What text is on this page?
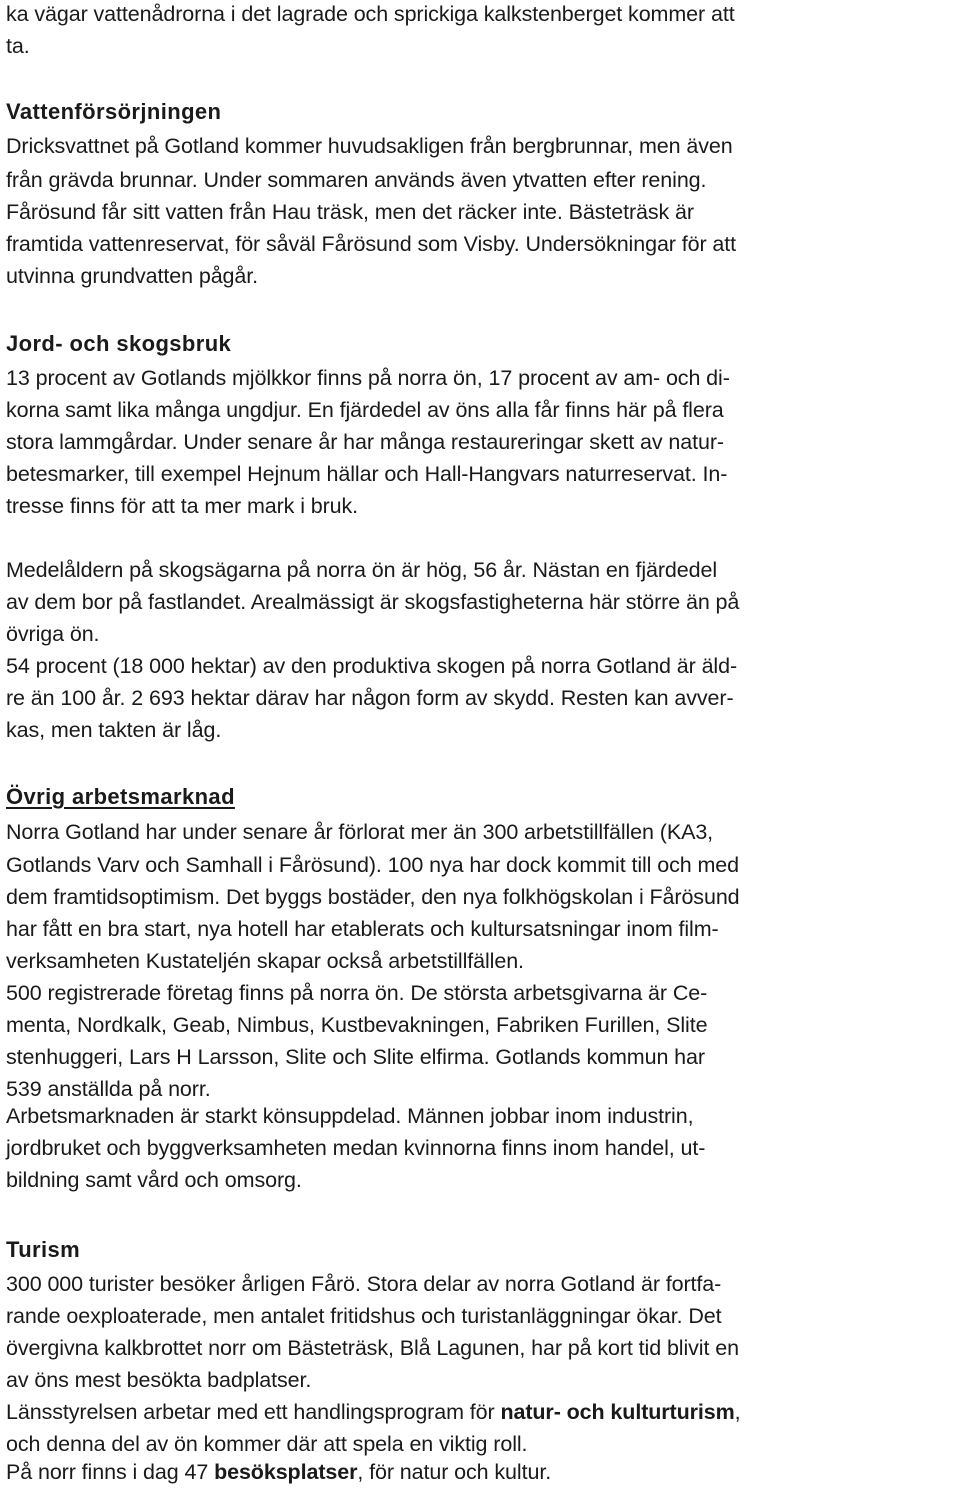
ka vägar vattenådrorna i det lagrade och sprickiga kalkstenberget kommer att
ta.
Vattenförsörjningen
Dricksvattnet på Gotland kommer huvudsakligen från bergbrunnar, men även
från grävda brunnar. Under sommaren används även ytvatten efter rening.
Fårösund får sitt vatten från Hau träsk, men det räcker inte. Bästeträsk är
framtida vattenreservat, för såväl Fårösund som Visby. Undersökningar för att
utvinna grundvatten pågår.
Jord- och skogsbruk
13 procent av Gotlands mjölkkor finns på norra ön, 17 procent av am- och di-
korna samt lika många ungdjur. En fjärdedel av öns alla får finns här på flera
stora lammgårdar. Under senare år har många restaureringar skett av natur-
betesmarker, till exempel Hejnum hällar och Hall-Hangvars naturreservat. In-
tresse finns för att ta mer mark i bruk.
Medelåldern på skogsägarna på norra ön är hög, 56 år. Nästan en fjärdedel
av dem bor på fastlandet. Arealmässigt är skogsfastigheterna här större än på
övriga ön.
54 procent (18 000 hektar) av den produktiva skogen på norra Gotland är äld-
re än 100 år. 2 693 hektar därav har någon form av skydd. Resten kan avver-
kas, men takten är låg.
Övrig arbetsmarknad
Norra Gotland har under senare år förlorat mer än 300 arbetstillfällen (KA3,
Gotlands Varv och Samhall i Fårösund). 100 nya har dock kommit till och med
dem framtidsoptimism. Det byggs bostäder, den nya folkhögskolan i Fårösund
har fått en bra start, nya hotell har etablerats och kultursatsningar inom film-
verksamheten Kustateljén skapar också arbetstillfällen.
500 registrerade företag finns på norra ön. De största arbetsgivarna är Ce-
menta, Nordkalk, Geab, Nimbus, Kustbevakningen, Fabriken Furillen, Slite
stenhuggeri, Lars H Larsson, Slite och Slite elfirma. Gotlands kommun har
539 anställda på norr.
Arbetsmarknaden är starkt könsuppdelad. Männen jobbar inom industrin,
jordbruket och byggverksamheten medan kvinnorna finns inom handel, ut-
bildning samt vård och omsorg.
Turism
300 000 turister besöker årligen Fårö. Stora delar av norra Gotland är fortfa-
rande oexploaterade, men antalet fritidshus och turistanläggningar ökar. Det
övergivna kalkbrottet norr om Bästeträsk, Blå Lagunen, har på kort tid blivit en
av öns mest besökta badplatser.
Länsstyrelsen arbetar med ett handlingsprogram för natur- och kulturturism,
och denna del av ön kommer där att spela en viktig roll.
På norr finns i dag 47 besöksplatser, för natur och kultur.
